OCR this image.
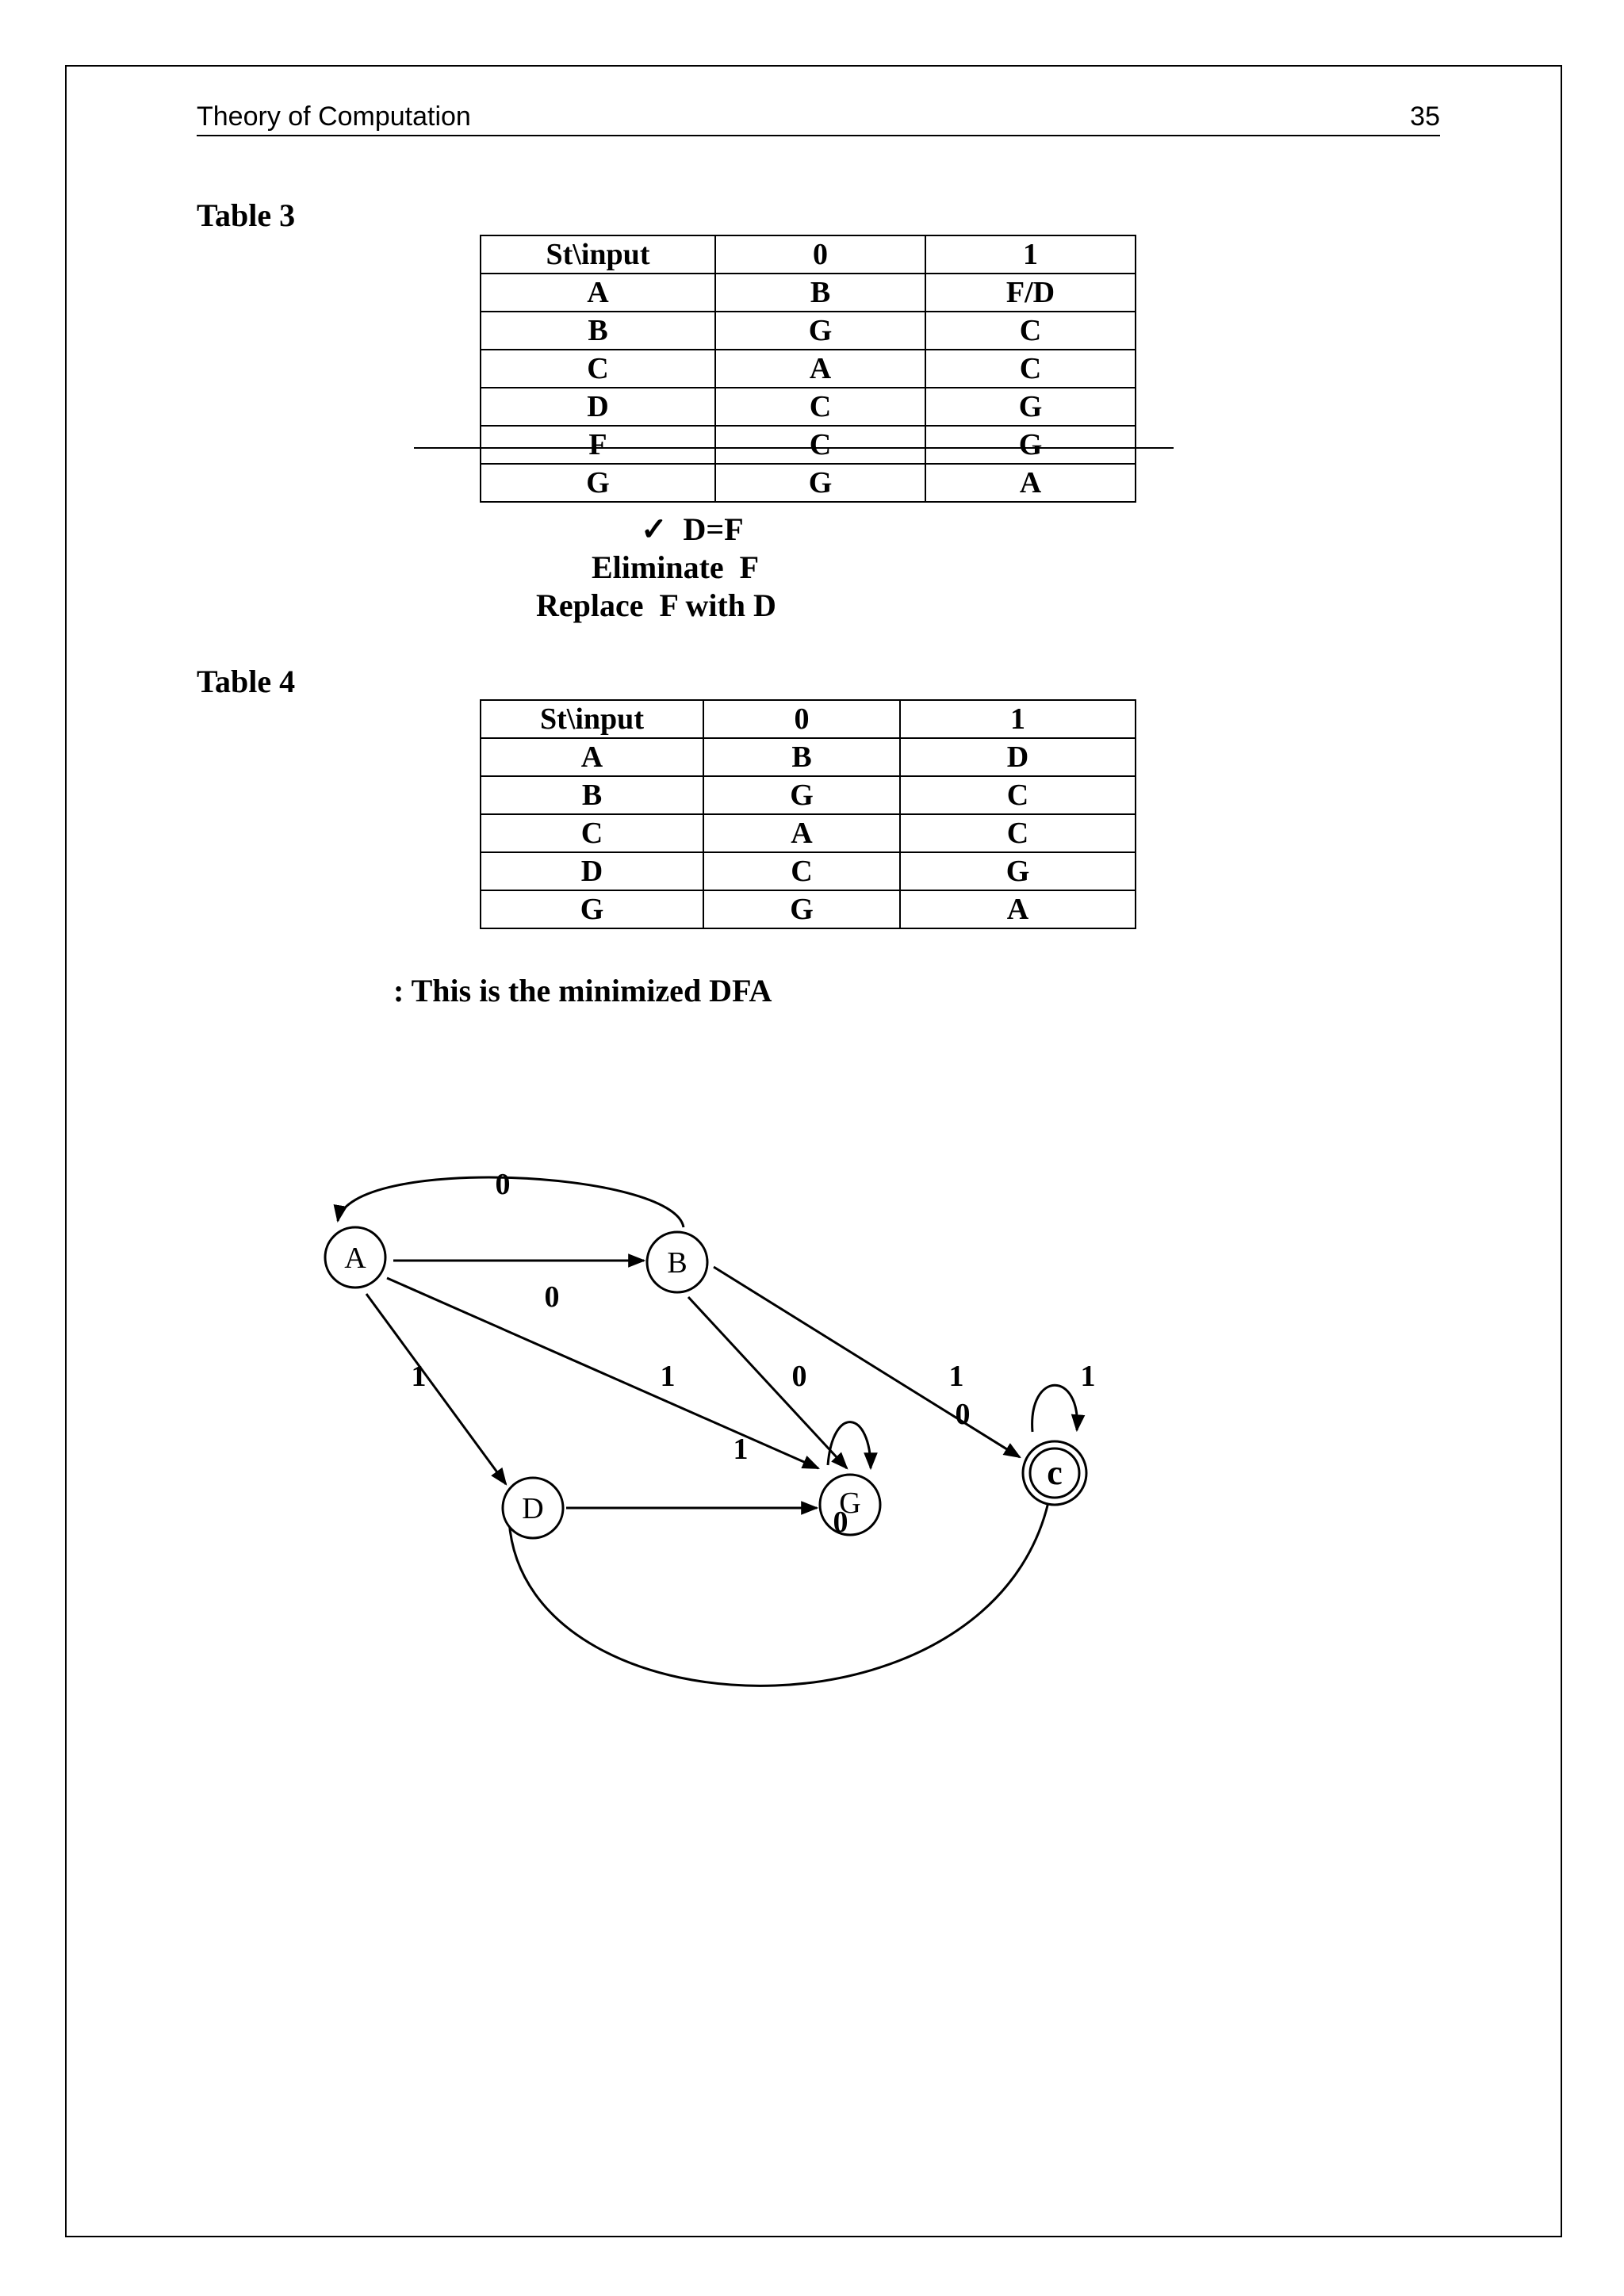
Theory of Computation	35
Table 3
St\input	0	1
A	B	F/D
B	G	C
C	A	C
D	C	G
F	C	G
G	G	A
✓ D=F
Eliminate  F
Replace  F with D
Table 4
St\input	0	1
A	B	D
B	G	C
C	A	C
D	C	G
G	G	A
: This is the minimized DFA
A	B
D	G
c
0
0
1	1	0	1	1
0
1
0
